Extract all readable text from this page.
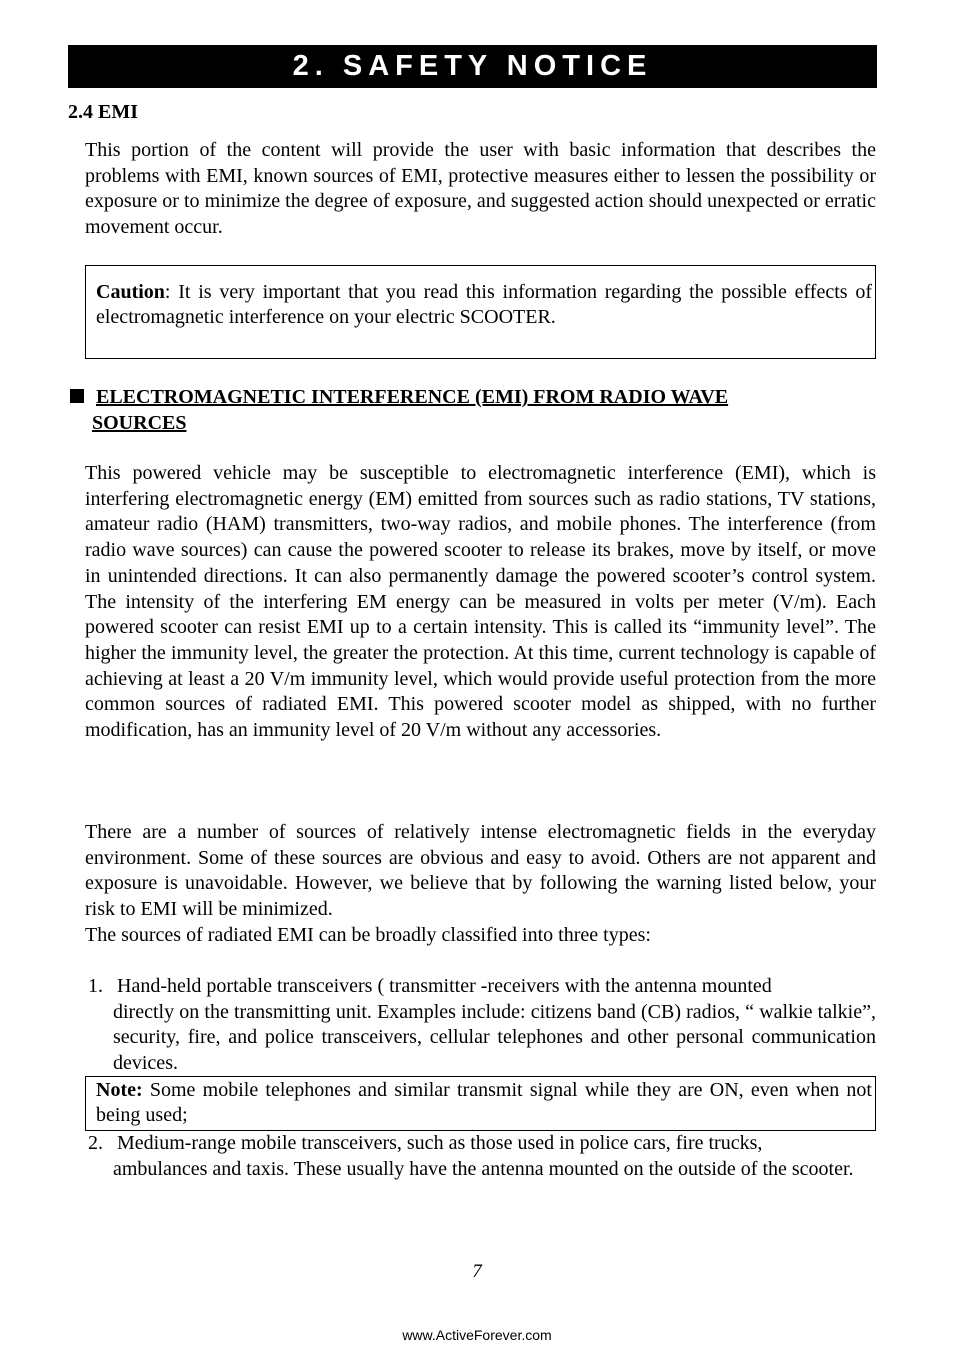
2. SAFETY NOTICE
2.4 EMI

This portion of the content will provide the user with basic information that describes the problems with EMI, known sources of EMI, protective measures either to lessen the possibility or exposure or to minimize the degree of exposure, and suggested action should unexpected or erratic movement occur.

Caution: It is very important that you read this information regarding the possible effects of electromagnetic interference on your electric SCOOTER.

ELECTROMAGNETIC INTERFERENCE (EMI) FROM RADIO WAVE
SOURCES

This powered vehicle may be susceptible to electromagnetic interference (EMI), which is interfering electromagnetic energy (EM) emitted from sources such as radio stations, TV stations, amateur radio (HAM) transmitters, two-way radios, and mobile phones. The interference (from radio wave sources) can cause the powered scooter to release its brakes, move by itself, or move in unintended directions. It can also permanently damage the powered scooter’s control system. The intensity of the interfering EM energy can be measured in volts per meter (V/m). Each powered scooter can resist EMI up to a certain intensity. This is called its “immunity level”. The higher the immunity level, the greater the protection. At this time, current technology is capable of achieving at least a 20 V/m immunity level, which would provide useful protection from the more common sources of radiated EMI. This powered scooter model as shipped, with no further modification, has an immunity level of 20 V/m without any accessories.

There are a number of sources of relatively intense electromagnetic fields in the everyday environment. Some of these sources are obvious and easy to avoid. Others are not apparent and exposure is unavoidable. However, we believe that by following the warning listed below, your risk to EMI will be minimized.

The sources of radiated EMI can be broadly classified into three types:

1. Hand-held portable transceivers ( transmitter -receivers with the antenna mounted
directly on the transmitting unit. Examples include: citizens band (CB) radios, “ walkie talkie”, security, fire, and police transceivers, cellular telephones and other personal communication devices.

Note: Some mobile telephones and similar transmit signal while they are ON, even when not being used;

2. Medium-range mobile transceivers, such as those used in police cars, fire trucks,
ambulances and taxis. These usually have the antenna mounted on the outside of the scooter.
7
www.ActiveForever.com
